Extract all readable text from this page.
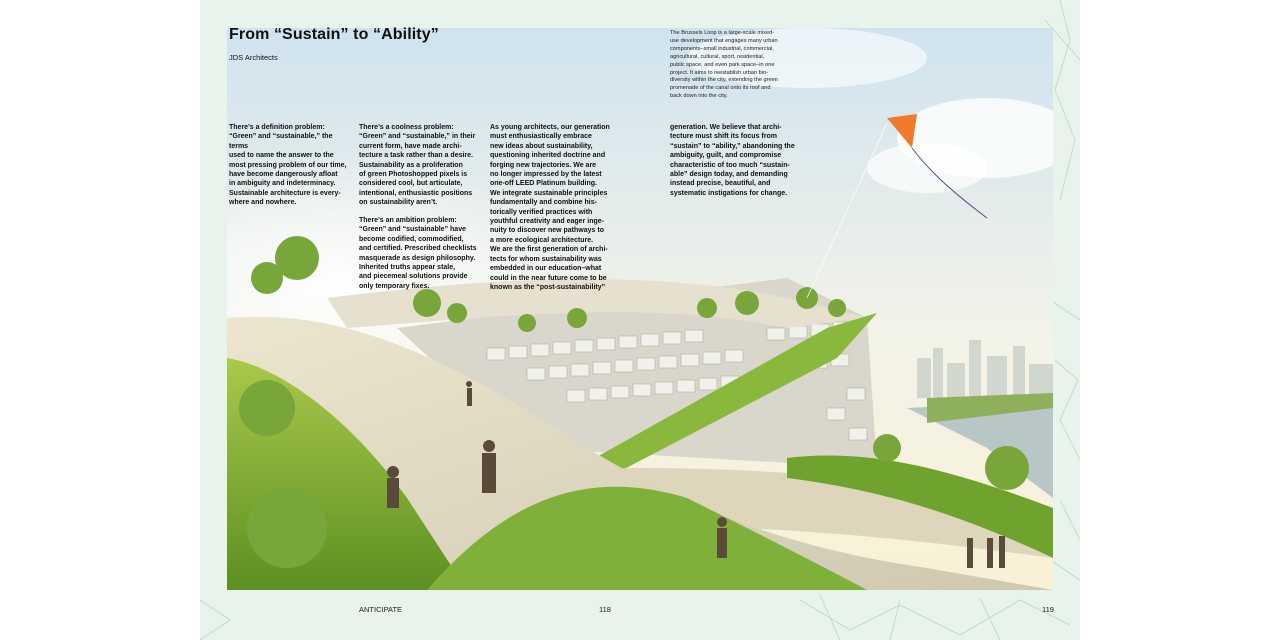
From “Sustain” to “Ability”
JDS Architects

The Brussels Loop is a large-scale mixed-
use development that engages many urban
components–small industrial, commercial,
agricultural, cultural, sport, residential,
public space, and even park space–in one
project. It aims to reestablish urban bio-
diversity within the city, extending the green
promenade of the canal onto its roof and
back down into the city.

There’s a definition problem:
“Green” and “sustainable,” the terms
used to name the answer to the
most pressing problem of our time,
have become dangerously afloat
in ambiguity and indeterminacy.
Sustainable architecture is every-
where and nowhere.

There’s a coolness problem:
“Green” and “sustainable,” in their
current form, have made archi-
tecture a task rather than a desire.
Sustainability as a proliferation
of green Photoshopped pixels is
considered cool, but articulate,
intentional, enthusiastic positions
on sustainability aren’t.

There’s an ambition problem:
“Green” and “sustainable” have
become codified, commodified,
and certified. Prescribed checklists
masquerade as design philosophy.
Inherited truths appear stale,
and piecemeal solutions provide
only temporary fixes.

As young architects, our generation
must enthusiastically embrace
new ideas about sustainability,
questioning inherited doctrine and
forging new trajectories. We are
no longer impressed by the latest
one-off LEED Platinum building.
We integrate sustainable principles
fundamentally and combine his-
torically verified practices with
youthful creativity and eager inge-
nuity to discover new pathways to
a more ecological architecture.
We are the first generation of archi-
tects for whom sustainability was
embedded in our education–what
could in the near future come to be
known as the “post-sustainability”

generation. We believe that archi-
tecture must shift its focus from
“sustain” to “ability,” abandoning the
ambiguity, guilt, and compromise
characteristic of too much “sustain-
able” design today, and demanding
instead precise, beautiful, and
systematic instigations for change.

ANTICIPATE	118	119
